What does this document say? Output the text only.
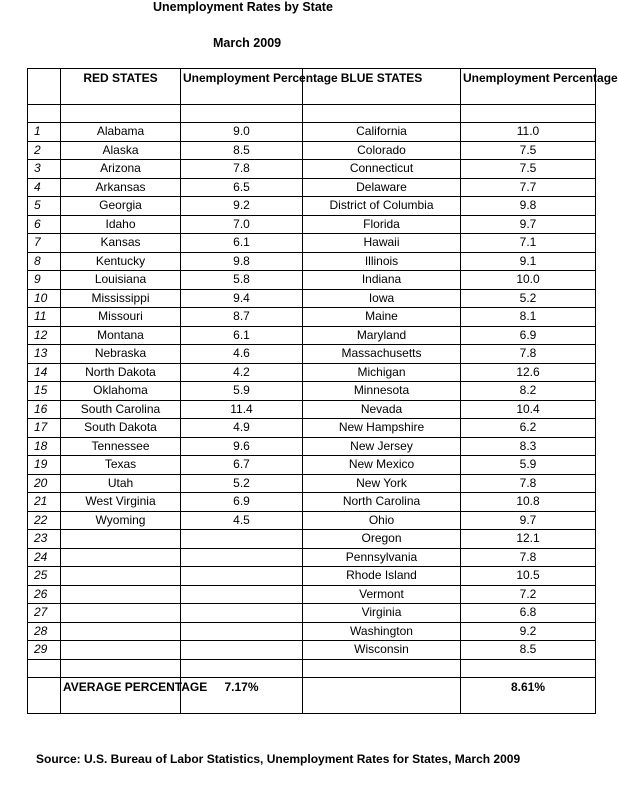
Unemployment Rates by State
March 2009
	RED STATES	Unemployment Percentage	BLUE STATES	Unemployment Percentage

1	Alabama	9.0	California	11.0
2	Alaska	8.5	Colorado	7.5
3	Arizona	7.8	Connecticut	7.5
4	Arkansas	6.5	Delaware	7.7
5	Georgia	9.2	District of Columbia	9.8
6	Idaho	7.0	Florida	9.7
7	Kansas	6.1	Hawaii	7.1
8	Kentucky	9.8	Illinois	9.1
9	Louisiana	5.8	Indiana	10.0
10	Mississippi	9.4	Iowa	5.2
11	Missouri	8.7	Maine	8.1
12	Montana	6.1	Maryland	6.9
13	Nebraska	4.6	Massachusetts	7.8
14	North Dakota	4.2	Michigan	12.6
15	Oklahoma	5.9	Minnesota	8.2
16	South Carolina	11.4	Nevada	10.4
17	South Dakota	4.9	New Hampshire	6.2
18	Tennessee	9.6	New Jersey	8.3
19	Texas	6.7	New Mexico	5.9
20	Utah	5.2	New York	7.8
21	West Virginia	6.9	North Carolina	10.8
22	Wyoming	4.5	Ohio	9.7
23			Oregon	12.1
24			Pennsylvania	7.8
25			Rhode Island	10.5
26			Vermont	7.2
27			Virginia	6.8
28			Washington	9.2
29			Wisconsin	8.5

	AVERAGE PERCENTAGE	7.17%		8.61%
Source: U.S. Bureau of Labor Statistics, Unemployment Rates for States, March 2009
